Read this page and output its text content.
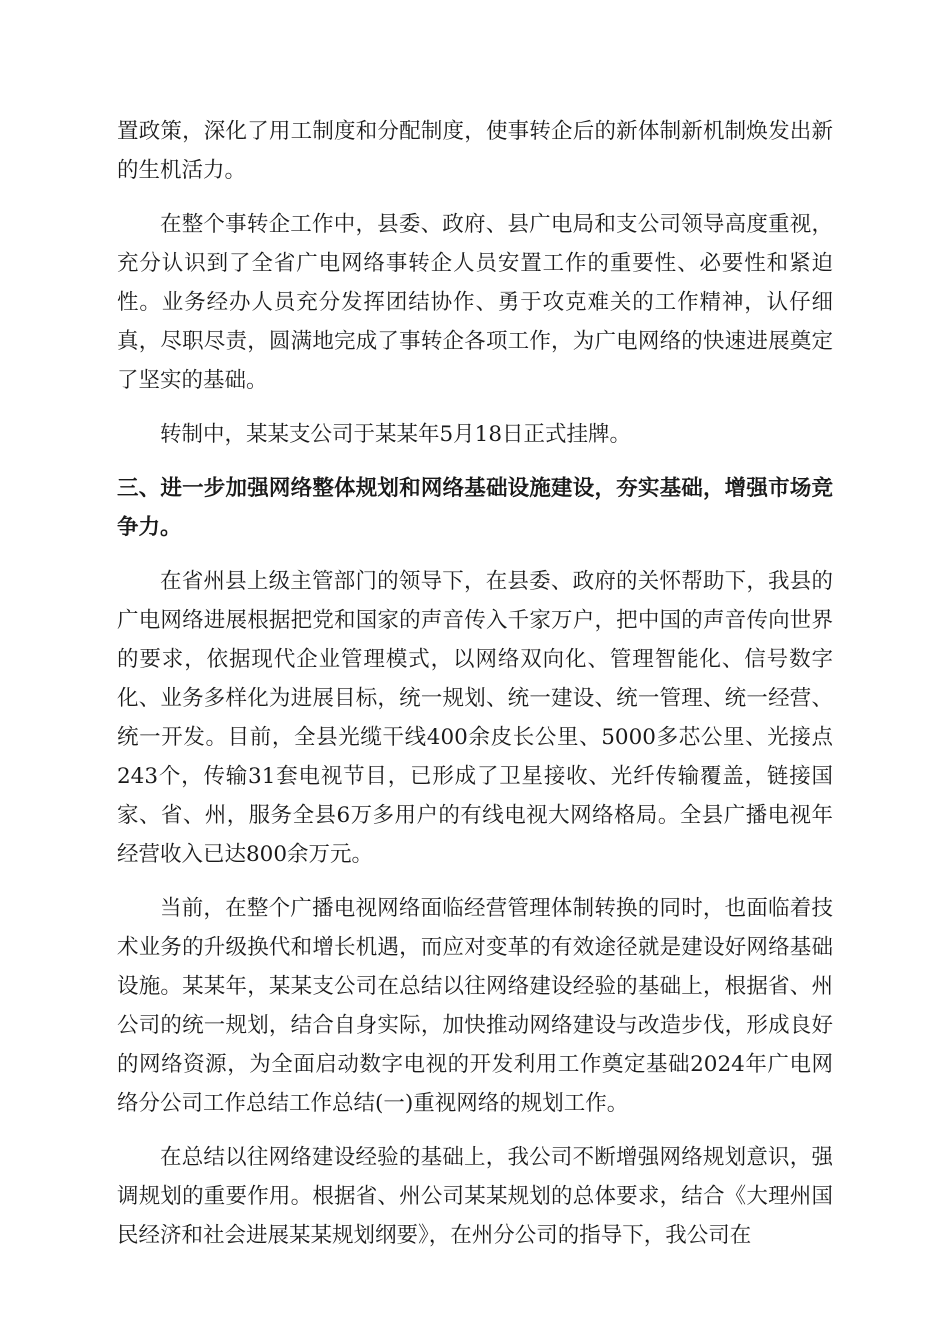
置政策，深化了用工制度和分配制度，使事转企后的新体制新机制焕发出新的生机活力。

在整个事转企工作中，县委、政府、县广电局和支公司领导高度重视，充分认识到了全省广电网络事转企人员安置工作的重要性、必要性和紧迫性。业务经办人员充分发挥团结协作、勇于攻克难关的工作精神，认仔细真，尽职尽责，圆满地完成了事转企各项工作，为广电网络的快速进展奠定了坚实的基础。

转制中，某某支公司于某某年5月18日正式挂牌。

三、进一步加强网络整体规划和网络基础设施建设，夯实基础，增强市场竞争力。

在省州县上级主管部门的领导下，在县委、政府的关怀帮助下，我县的广电网络进展根据把党和国家的声音传入千家万户，把中国的声音传向世界的要求，依据现代企业管理模式，以网络双向化、管理智能化、信号数字化、业务多样化为进展目标，统一规划、统一建设、统一管理、统一经营、统一开发。目前，全县光缆干线400余皮长公里、5000多芯公里、光接点243个，传输31套电视节目，已形成了卫星接收、光纤传输覆盖，链接国家、省、州，服务全县6万多用户的有线电视大网络格局。全县广播电视年经营收入已达800余万元。

当前，在整个广播电视网络面临经营管理体制转换的同时，也面临着技术业务的升级换代和增长机遇，而应对变革的有效途径就是建设好网络基础设施。某某年，某某支公司在总结以往网络建设经验的基础上，根据省、州公司的统一规划，结合自身实际，加快推动网络建设与改造步伐，形成良好的网络资源，为全面启动数字电视的开发利用工作奠定基础2024年广电网络分公司工作总结工作总结(一)重视网络的规划工作。

在总结以往网络建设经验的基础上，我公司不断增强网络规划意识，强调规划的重要作用。根据省、州公司某某规划的总体要求，结合《大理州国民经济和社会进展某某规划纲要》，在州分公司的指导下，我公司在
